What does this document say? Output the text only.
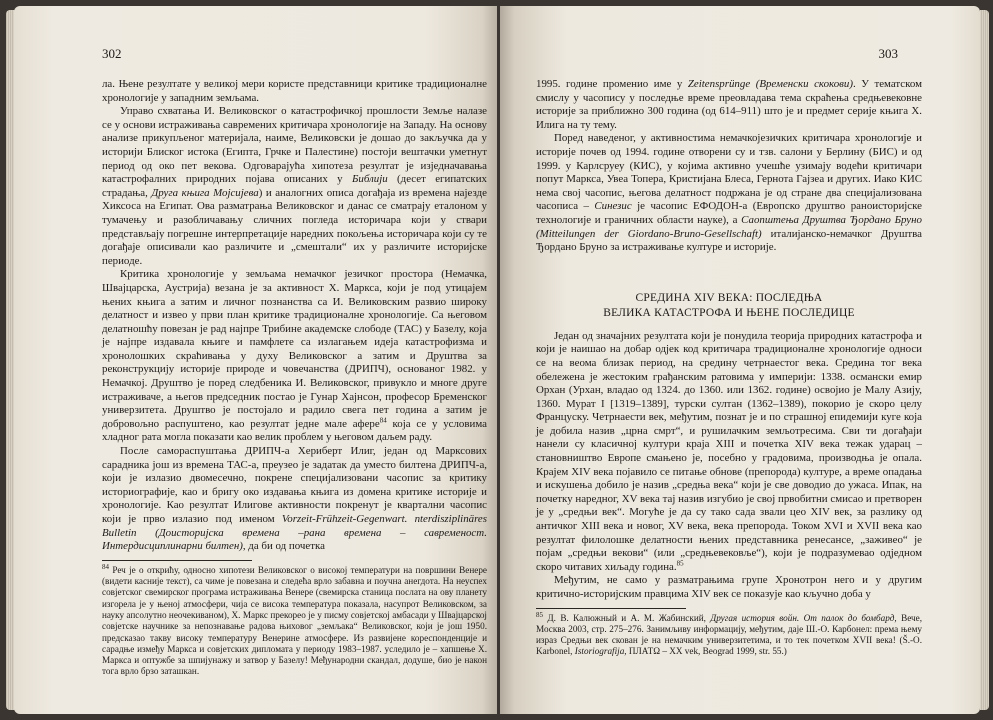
302

ла. Њене резултате у великој мери користе представници критике традиционалне хронологије у западним земљама.

Управо схватања И. Великовског о катастрофичкој прошлости Земље налазе се у основи истраживања савремених критичара хронологије на Западу. На основу анализе прикупљеног материјала, наиме, Великовски је дошао до закључка да у историји Блиског истока (Египта, Грчке и Палестине) постоји вештачки уметнут период од око пет векова. Одговарајућа хипотеза резултат је изједначавања катастрофалних природних појава описаних у Библији (десет египатских страдања, Друга књига Мојсијева) и аналогних описа догађаја из времена најезде Хиксоса на Египат. Ова разматрања Великовског и данас се сматрају еталоном у тумачењу и разобличавању сличних погледа историчара који у ствари представљају погрешне интерпретације наредних покољења историчара који су те догађаје описивали као различите и „смештали“ их у различите историјске периоде.

Критика хронологије у земљама немачког језичког простора (Немачка, Швајцарска, Аустрија) везана је за активност Х. Маркса, који је под утицајем њених књига а затим и личног познанства са И. Великовским развио широку делатност и извео у први план критике традиционалне хронологије. Са његовом делатношћу повезан је рад најпре Трибине академске слободе (ТАС) у Базелу, која је најпре издавала књиге и памфлете са излагањем идеја катастрофизма и хронолошких скраћивања у духу Великовског а затим и Друштва за реконструкцију историје природе и човечанства (ДРИПЧ), основаног 1982. у Немачкој. Друштво је поред следбеника И. Великовског, привукло и многе друге истраживаче, а његов председник постао је Гунар Хајнсон, професор Бременског универзитета. Друштво је постојало и радило свега пет година а затим је добровољно распуштено, као резултат једне мале афере$^{84}$ која се у условима хладног рата могла показати као велик проблем у његовом даљем раду.

После самораспуштања ДРИПЧ-а Хериберт Илиг, један од Марксових сарадника још из времена ТАС-а, преузео је задатак да уместо билтена ДРИПЧ-а, који је излазио двомесечно, покрене специјализовани часопис за критику историографије, као и бригу око издавања књига из домена критике историје и хронологије. Као резултат Илигове активности покренут је квартални часопис који је прво излазио под именом Vorzeit-Frühzeit-Gegenwart. nterdisziplinäres Bulletin (Доисторијска времена –рана времена – савременост. Интердисциплинарни билтен), да би од почетка

$^{84}$ Реч је о открићу, односно хипотези Великовског о високој температури на површини Венере (видети касније текст), са чиме је повезана и следећа врло забавна и поучна анегдота. На неуспех совјетског свемирског програма истраживања Венере (свемирска станица послата на ову планету изгорела је у њеној атмосфери, чија се висока температура показала, насупрот Великовском, за науку апсолутно неочекиваном), Х. Маркс прекорео је у писму совјетској амбасади у Швајцарској совјетске научнике за непознавање радова њиховог „земљака“ Великовског, који је још 1950. предсказао такву високу температуру Венерине атмосфере. Из развијене кореспонденције и сарадње између Маркса и совјетских дипломата у периоду 1983–1987. уследило је – хапшење Х. Маркса и оптужбе за шпијунажу и затвор у Базелу! Међународни скандал, додуше, био је након тога врло брзо заташкан.
303

1995. године променио име у Zeitensprünge (Временски скокови). У тематском смислу у часопису у последње време преовладава тема скраћења средњевековне историје за приближно 300 година (од 614–911) што је и предмет серије књига Х. Илига на ту тему.

Поред наведеног, у активностима немачкојезичких критичара хронологије и историје почев од 1994. године отворени су и тзв. салони у Берлину (БИС) и од 1999. у Карлсруеу (КИС), у којима активно учешће узимају водећи критичари попут Маркса, Увеа Топера, Кристијана Блеса, Гернота Гајзеа и других. Иако КИС нема свој часопис, његова делатност подржана је од стране два специјализована часописа – Синезис је часопис ЕФОДОН-а (Европско друштво раноисторијске технологије и граничних области науке), а Саопштења Друштва Ђордано Бруно (Mitteilungen der Giordano-Bruno-Gesellschaft) италијанско-немачког Друштва Ђордано Бруно за истраживање културе и историје.

СРЕДИНА XIV ВЕКА: ПОСЛЕДЊА
ВЕЛИКА КАТАСТРОФА И ЊЕНЕ ПОСЛЕДИЦЕ

Један од значајних резултата који је понудила теорија природних катастрофа и који је наишао на добар одјек код критичара традиционалне хронологије односи се на веома близак период, на средину четрнаестог века. Средина тог века обележена је жестоким грађанским ратовима у империји: 1338. османски емир Орхан (Урхан, владао од 1324. до 1360. или 1362. године) освојио је Малу Азију, 1360. Мурат I [1319–1389], турски султан (1362–1389), покорио је скоро целу Француску. Четрнаести век, међутим, познат је и по страшној епидемији куге која је добила назив „црна смрт“, и рушилачким земљотресима. Сви ти догађаји нанели су класичној култури краја XIII и почетка XIV века тежак ударац – становништво Европе смањено је, посебно у градовима, производња је опала. Крајем XIV века појавило се питање обнове (препорода) културе, а време опадања и искушења добило је назив „средња века“ који је све доводио до ужаса. Ипак, на почетку наредног, XV века тај назив изгубио је свој првобитни смисао и претворен је у „средњи век“. Могуће је да су тако сада звали цео XIV век, за разлику од античког XIII века и новог, XV века, века препорода. Током XVI и XVII века као резултат филолошке делатности њених представника ренесансе, „заживео“ је појам „средњи векови“ (или „средњевековље“), који је подразумевао одједном скоро читавих хиљаду година.$^{85}$

Међутим, не само у разматрањима групе Хронотрон него и у другим критично-историјским правцима XIV век се показује као кључно доба у

$^{85}$ Д. В. Калюжный и А. М. Жабинский, Другая история войн. От палок до бомбард, Вече, Москва 2003, стр. 275–276. Занимљиву информацију, међутим, даје Ш.-О. Карбонел: према њему израз Средњи век скован је на немачким универзитетима, и то тек почетком XVII века! (Š.-O. Karbonel, Istoriografija, ПЛАТΩ – XX vek, Beograd 1999, str. 55.)
